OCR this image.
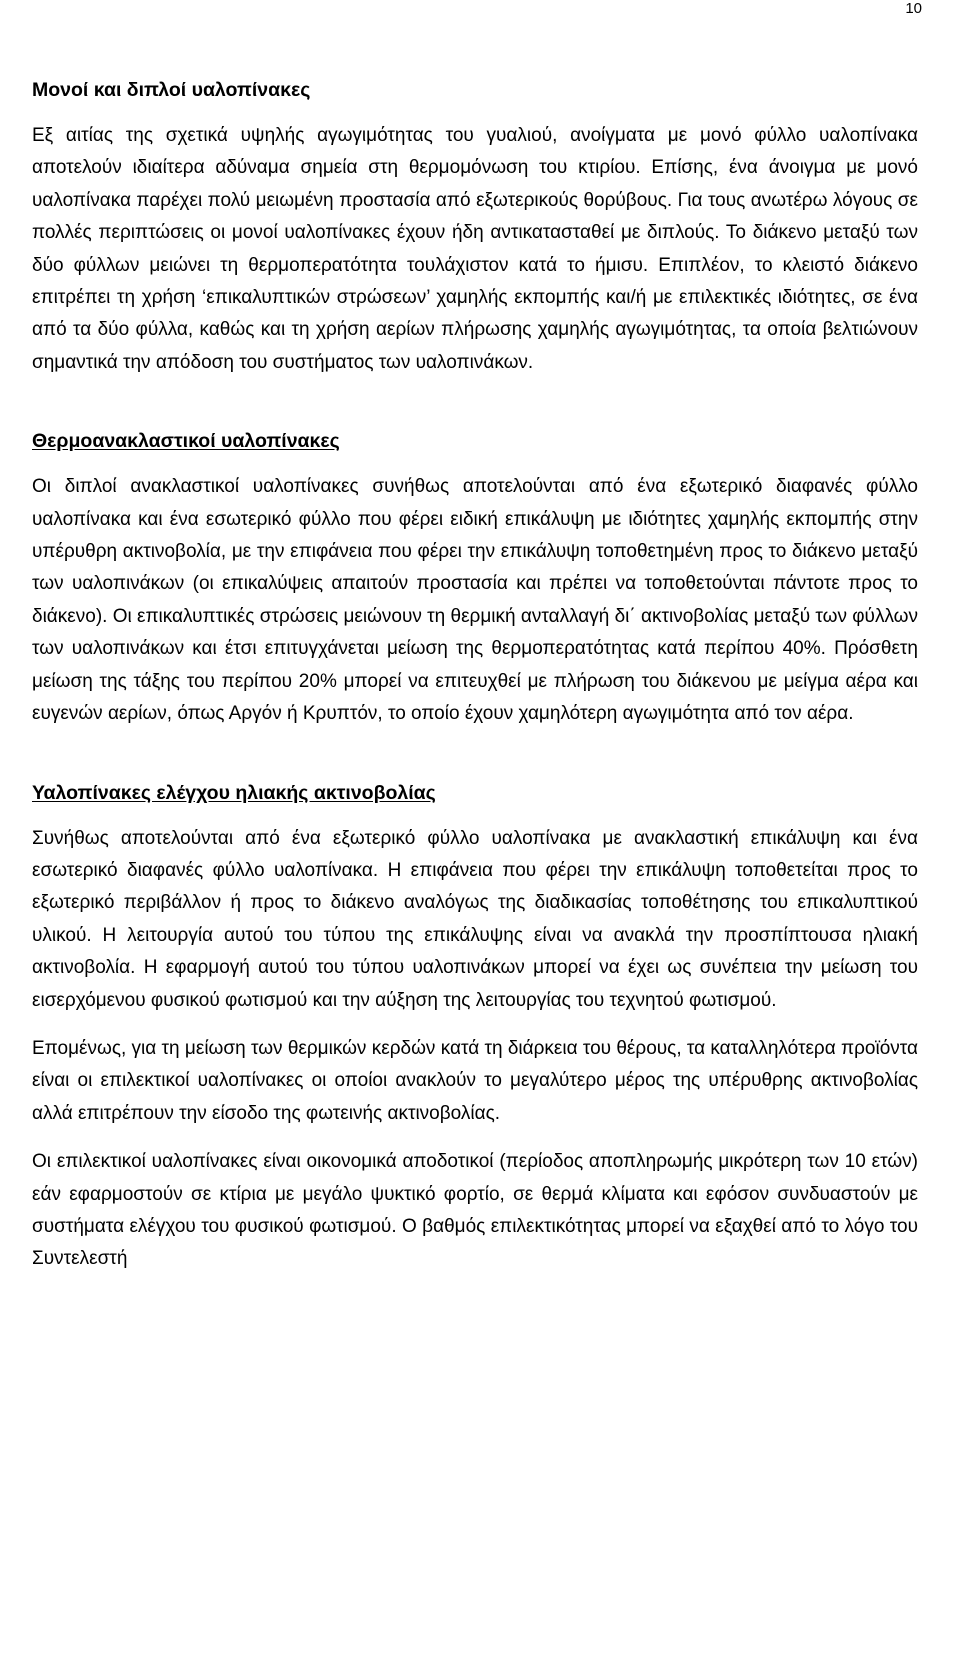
10
Μονοί και διπλοί υαλοπίνακες

Εξ αιτίας της σχετικά υψηλής αγωγιμότητας του γυαλιού, ανοίγματα με μονό φύλλο υαλοπίνακα αποτελούν ιδιαίτερα αδύναμα σημεία στη θερμομόνωση του κτιρίου. Επίσης, ένα άνοιγμα με μονό υαλοπίνακα παρέχει πολύ μειωμένη προστασία από εξωτερικούς θορύβους. Για τους ανωτέρω λόγους σε πολλές περιπτώσεις οι μονοί υαλοπίνακες έχουν ήδη αντικατασταθεί με διπλούς. Το διάκενο μεταξύ των δύο φύλλων μειώνει τη θερμοπερατότητα τουλάχιστον κατά το ήμισυ. Επιπλέον, το κλειστό διάκενο επιτρέπει τη χρήση ‘επικαλυπτικών στρώσεων’ χαμηλής εκπομπής και/ή με επιλεκτικές ιδιότητες, σε ένα από τα δύο φύλλα, καθώς και τη χρήση αερίων πλήρωσης χαμηλής αγωγιμότητας, τα οποία βελτιώνουν σημαντικά την απόδοση του συστήματος των υαλοπινάκων.

Θερμοανακλαστικοί υαλοπίνακες

Οι διπλοί ανακλαστικοί υαλοπίνακες συνήθως αποτελούνται από ένα εξωτερικό διαφανές φύλλο υαλοπίνακα και ένα εσωτερικό φύλλο που φέρει ειδική επικάλυψη με ιδιότητες χαμηλής εκπομπής στην υπέρυθρη ακτινοβολία, με την επιφάνεια που φέρει την επικάλυψη τοποθετημένη προς το διάκενο μεταξύ των υαλοπινάκων (οι επικαλύψεις απαιτούν προστασία και πρέπει να τοποθετούνται πάντοτε προς το διάκενο). Οι επικαλυπτικές στρώσεις μειώνουν τη θερμική ανταλλαγή δι΄ ακτινοβολίας μεταξύ των φύλλων των υαλοπινάκων και έτσι επιτυγχάνεται μείωση της θερμοπερατότητας κατά περίπου 40%. Πρόσθετη μείωση της τάξης του περίπου 20% μπορεί να επιτευχθεί με πλήρωση του διάκενου με μείγμα αέρα και ευγενών αερίων, όπως Αργόν ή Κρυπτόν, το οποίο έχουν χαμηλότερη αγωγιμότητα από τον αέρα.

Υαλοπίνακες ελέγχου ηλιακής ακτινοβολίας

Συνήθως αποτελούνται από ένα εξωτερικό φύλλο υαλοπίνακα με ανακλαστική επικάλυψη και ένα εσωτερικό διαφανές φύλλο υαλοπίνακα. Η επιφάνεια που φέρει την επικάλυψη τοποθετείται προς το εξωτερικό περιβάλλον ή προς το διάκενο αναλόγως της διαδικασίας τοποθέτησης του επικαλυπτικού υλικού. Η λειτουργία αυτού του τύπου της επικάλυψης είναι να ανακλά την προσπίπτουσα ηλιακή ακτινοβολία. Η εφαρμογή αυτού του τύπου υαλοπινάκων μπορεί να έχει ως συνέπεια την μείωση του εισερχόμενου φυσικού φωτισμού και την αύξηση της λειτουργίας του τεχνητού φωτισμού.

Επομένως, για τη μείωση των θερμικών κερδών κατά τη διάρκεια του θέρους, τα καταλληλότερα προϊόντα είναι οι επιλεκτικοί υαλοπίνακες οι οποίοι ανακλούν το μεγαλύτερο μέρος της υπέρυθρης ακτινοβολίας αλλά επιτρέπουν την είσοδο της φωτεινής ακτινοβολίας.

Οι επιλεκτικοί υαλοπίνακες είναι οικονομικά αποδοτικοί (περίοδος αποπληρωμής μικρότερη των 10 ετών) εάν εφαρμοστούν σε κτίρια με μεγάλο ψυκτικό φορτίο, σε θερμά κλίματα και εφόσον συνδυαστούν με συστήματα ελέγχου του φυσικού φωτισμού. Ο βαθμός επιλεκτικότητας μπορεί να εξαχθεί από το λόγο του Συντελεστή
